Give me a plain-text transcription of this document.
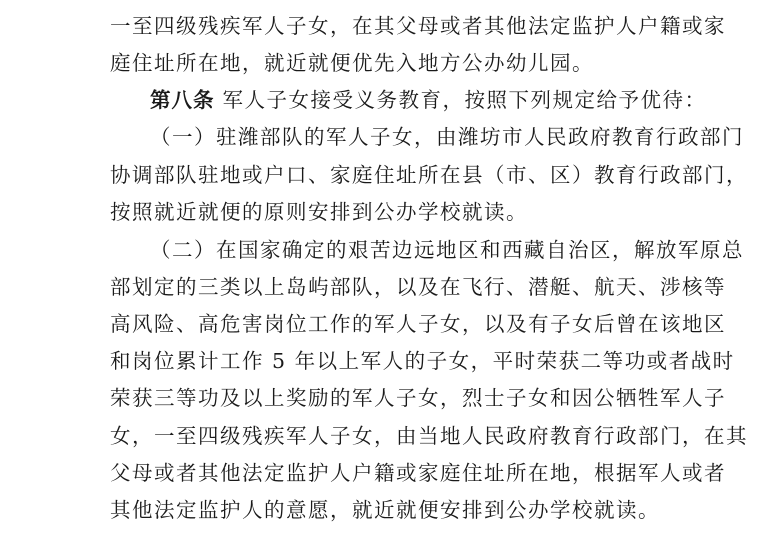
一至四级残疾军人子女，在其父母或者其他法定监护人户籍或家
庭住址所在地，就近就便优先入地方公办幼儿园。
第八条 军人子女接受义务教育，按照下列规定给予优待：
（一）驻潍部队的军人子女，由潍坊市人民政府教育行政部门
协调部队驻地或户口、家庭住址所在县（市、区）教育行政部门，
按照就近就便的原则安排到公办学校就读。
（二）在国家确定的艰苦边远地区和西藏自治区，解放军原总
部划定的三类以上岛屿部队，以及在飞行、潜艇、航天、涉核等
高风险、高危害岗位工作的军人子女，以及有子女后曾在该地区
和岗位累计工作 5 年以上军人的子女，平时荣获二等功或者战时
荣获三等功及以上奖励的军人子女，烈士子女和因公牺牲军人子
女，一至四级残疾军人子女，由当地人民政府教育行政部门，在其
父母或者其他法定监护人户籍或家庭住址所在地，根据军人或者
其他法定监护人的意愿，就近就便安排到公办学校就读。
